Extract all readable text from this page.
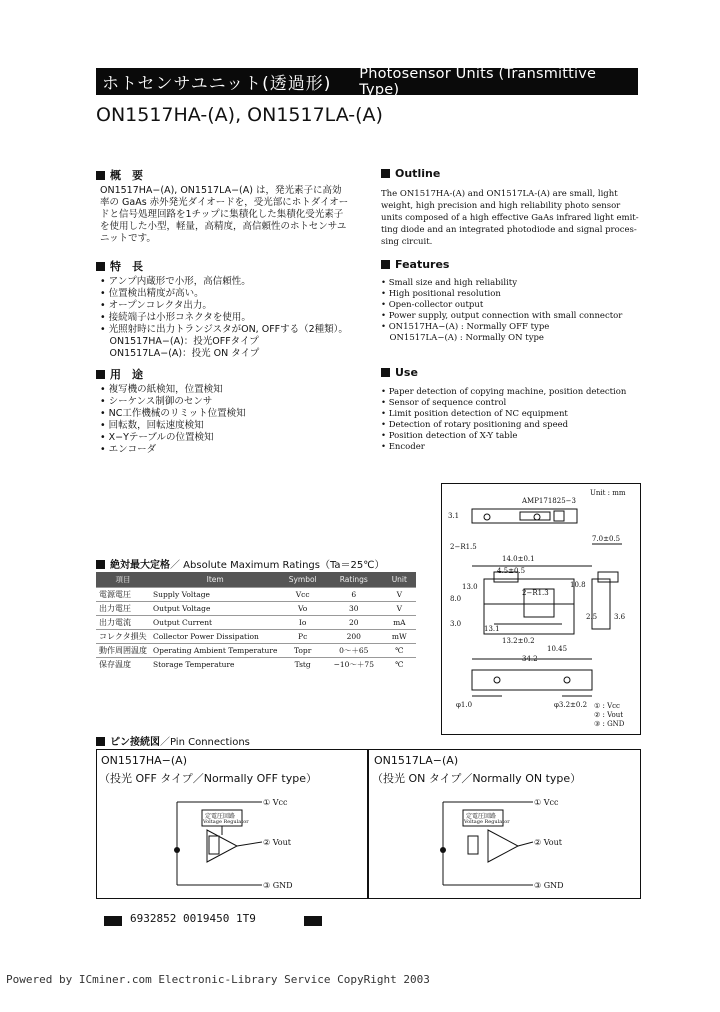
ホトセンサユニット(透過形)
Photosensor Units (Transmittive Type)
ON1517HA-(A), ON1517LA-(A)
概　要
ON1517HA−(A), ON1517LA−(A) は，発光素子に高効
率の GaAs 赤外発光ダイオードを，受光部にホトダイオー
ドと信号処理回路を1チップに集積化した集積化受光素子
を使用した小型，軽量，高精度，高信頼性のホトセンサユ
ニットです。
Outline
The ON1517HA-(A) and ON1517LA-(A) are small, light
weight, high precision and high reliability photo sensor
units composed of a high effective GaAs infrared light emit-
ting diode and an integrated photodiode and signal proces-
sing circuit.
特　長
• アンプ内蔵形で小形，高信頼性。
• 位置検出精度が高い。
• オープンコレクタ出力。
• 接続端子は小形コネクタを使用。
• 光照射時に出力トランジスタがON, OFFする（2種類）。
　ON1517HA−(A)：投光OFFタイプ
　ON1517LA−(A)：投光 ON タイプ
Features
• Small size and high reliability
• High positional resolution
• Open-collector output
• Power supply, output connection with small connector
• ON1517HA−(A) : Normally OFF type
　ON1517LA−(A) : Normally ON type
用　途
• 複写機の紙検知，位置検知
• シーケンス制御のセンサ
• NC工作機械のリミット位置検知
• 回転数，回転速度検知
• X−Yテーブルの位置検知
• エンコーダ
Use
• Paper detection of copying machine, position detection
• Sensor of sequence control
• Limit position detection of NC equipment
• Detection of rotary positioning and speed
• Position detection of X-Y table
• Encoder
絶対最大定格／ Absolute Maximum Ratings（Ta＝25℃）
項目	Item	Symbol	Ratings	Unit
電源電圧	Supply Voltage	Vcc	6	V
出力電圧	Output Voltage	Vo	30	V
出力電流	Output Current	Io	20	mA
コレクタ損失	Collector Power Dissipation	Pc	200	mW
動作周囲温度	Operating Ambient Temperature	Topr	0～＋65	℃
保存温度	Storage Temperature	Tstg	−10～＋75	℃
Unit : mm
AMP171825−3
3.1
2−R1.5
14.0±0.1
4.5±0.5
2−R1.3
3.0
8.0
13.0	10.8
13.1
13.2±0.2
10.45
34.2
7.0±0.5
2.5 3.6
φ1.0	φ3.2±0.2 ① : Vcc
② : Vout
③ : GND
ピン接続図／Pin Connections
ON1517HA−(A)
（投光 OFF タイプ／Normally OFF type）
定電圧回路
Voltage Regulator
① Vcc
② Vout
③ GND
ON1517LA−(A)
（投光 ON タイプ／Normally ON type）
定電圧回路
Voltage Regulator
① Vcc
② Vout
③ GND
6932852 0019450 1T9
Powered by ICminer.com Electronic-Library Service CopyRight 2003
